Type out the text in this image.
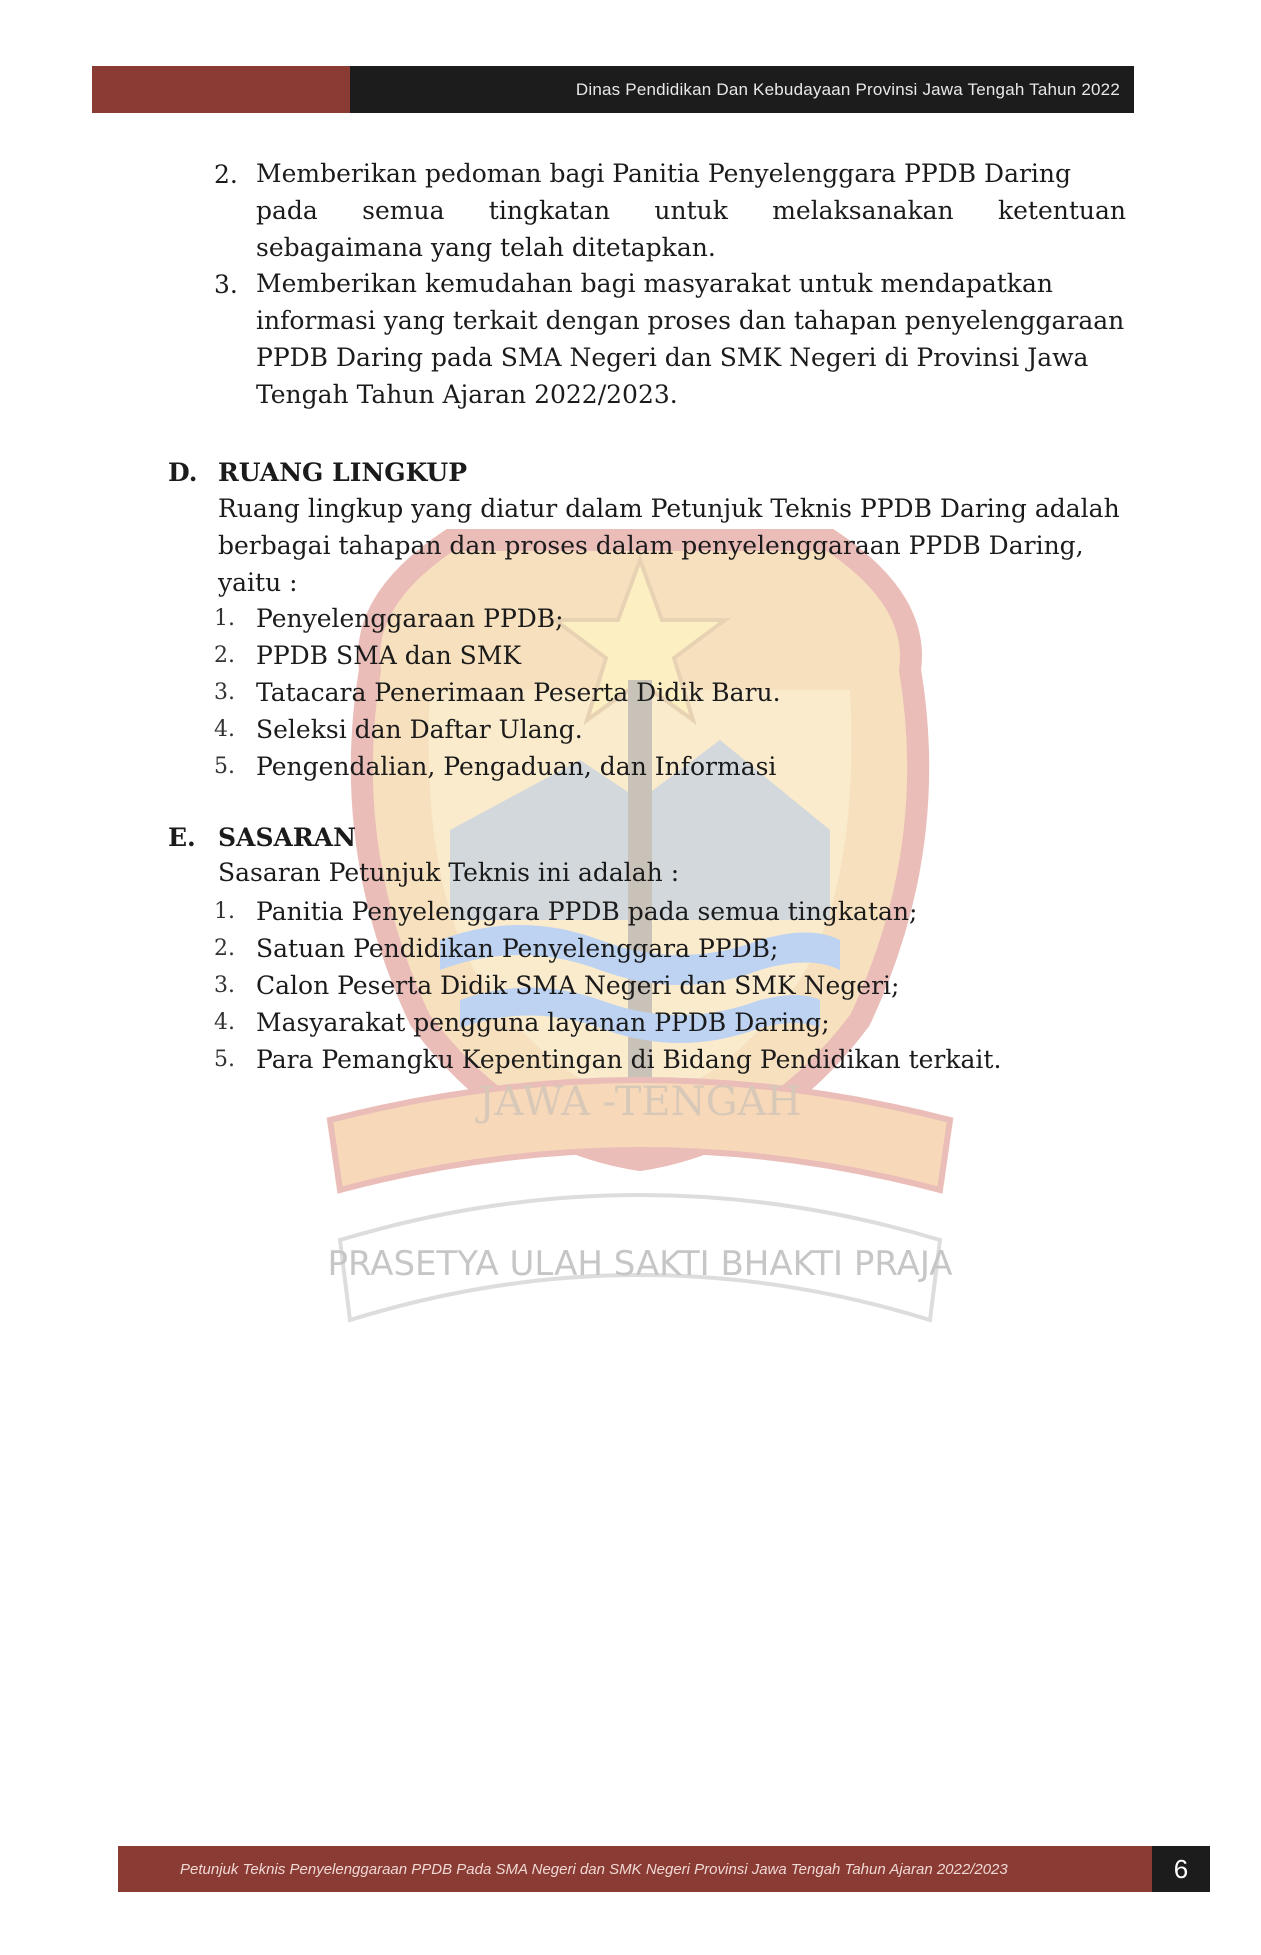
Dinas Pendidikan Dan Kebudayaan Provinsi Jawa Tengah Tahun 2022
JAWA -TENGAH
PRASETYA ULAH SAKTI BHAKTI PRAJA
2. Memberikan pedoman bagi Panitia Penyelenggara PPDB Daring
pada semua tingkatan untuk melaksanakan ketentuan
sebagaimana yang telah ditetapkan.
3. Memberikan kemudahan bagi masyarakat untuk mendapatkan
informasi yang terkait dengan proses dan tahapan penyelenggaraan
PPDB Daring pada SMA Negeri dan SMK Negeri di Provinsi Jawa
Tengah Tahun Ajaran 2022/2023.
D. RUANG LINGKUP
Ruang lingkup yang diatur dalam Petunjuk Teknis PPDB Daring adalah
berbagai tahapan dan proses dalam penyelenggaraan PPDB Daring,
yaitu :
1. Penyelenggaraan PPDB;
2. PPDB SMA dan SMK
3. Tatacara Penerimaan Peserta Didik Baru.
4. Seleksi dan Daftar Ulang.
5. Pengendalian, Pengaduan, dan Informasi
E. SASARAN
Sasaran Petunjuk Teknis ini adalah :
1. Panitia Penyelenggara PPDB pada semua tingkatan;
2. Satuan Pendidikan Penyelenggara PPDB;
3. Calon Peserta Didik SMA Negeri dan SMK Negeri;
4. Masyarakat pengguna layanan PPDB Daring;
5. Para Pemangku Kepentingan di Bidang Pendidikan terkait.
Petunjuk Teknis Penyelenggaraan PPDB Pada SMA Negeri dan SMK Negeri Provinsi Jawa Tengah Tahun Ajaran 2022/2023	6
